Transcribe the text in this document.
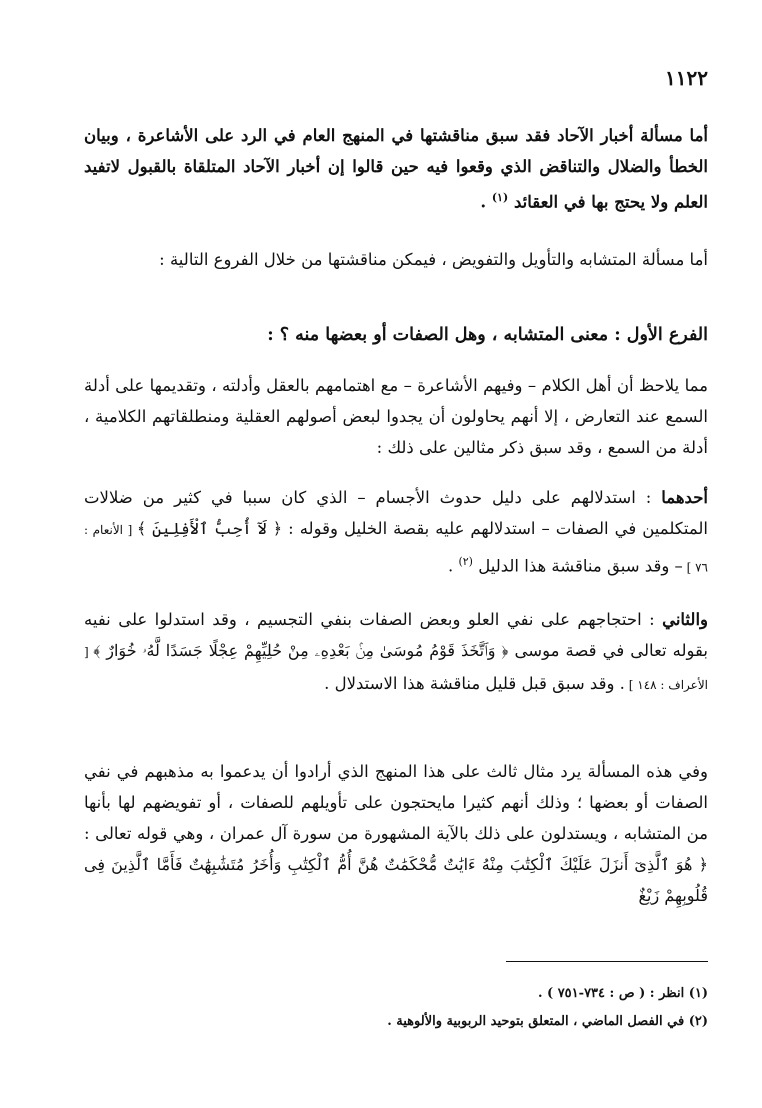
١١٢٢

أما مسألة أخبار الآحاد فقد سبق مناقشتها في المنهج العام في الرد على الأشاعرة ، وبيان الخطأ والضلال والتناقض الذي وقعوا فيه حين قالوا إن أخبار الآحاد المتلقاة بالقبول لاتفيد العلم ولا يحتج بها في العقائد $^{(١)}$ .

أما مسألة المتشابه والتأويل والتفويض ، فيمكن مناقشتها من خلال الفروع التالية :

الفرع الأول : معنى المتشابه ، وهل الصفات أو بعضها منه ؟ :

مما يلاحظ أن أهل الكلام – وفيهم الأشاعرة – مع اهتمامهم بالعقل وأدلته ، وتقديمها على أدلة السمع عند التعارض ، إلا أنهم يحاولون أن يجدوا لبعض أصولهم العقلية ومنطلقاتهم الكلامية ، أدلة من السمع ، وقد سبق ذكر مثالين على ذلك :

أحدهما : استدلالهم على دليل حدوث الأجسام – الذي كان سببا في كثير من ضلالات المتكلمين في الصفات – استدلالهم عليه بقصة الخليل وقوله : ﴿ لَآ أُحِبُّ ٱلْأَفِلِينَ ﴾ [ الأنعام : ٧٦ ] – وقد سبق مناقشة هذا الدليل $^{(٢)}$ .

والثاني : احتجاجهم على نفي العلو وبعض الصفات بنفي التجسيم ، وقد استدلوا على نفيه بقوله تعالى في قصة موسى ﴿ وَٱتَّخَذَ قَوْمُ مُوسَىٰ مِنۢ بَعْدِهِۦ مِنْ حُلِيِّهِمْ عِجْلًا جَسَدًا لَّهُۥ خُوَارٌ ﴾ [ الأعراف : ١٤٨ ] . وقد سبق قبل قليل مناقشة هذا الاستدلال .

وفي هذه المسألة يرد مثال ثالث على هذا المنهج الذي أرادوا أن يدعموا به مذهبهم في نفي الصفات أو بعضها ؛ وذلك أنهم كثيرا مايحتجون على تأويلهم للصفات ، أو تفويضهم لها بأنها من المتشابه ، ويستدلون على ذلك بالآية المشهورة من سورة آل عمران ، وهي قوله تعالى : ﴿ هُوَ ٱلَّذِىٓ أَنزَلَ عَلَيْكَ ٱلْكِتَٰبَ مِنْهُ ءَايَٰتٌ مُّحْكَمَٰتٌ هُنَّ أُمُّ ٱلْكِتَٰبِ وَأُخَرُ مُتَشَٰبِهَٰتٌ فَأَمَّا ٱلَّذِينَ فِى قُلُوبِهِمْ زَيْغٌ

(١) انظر : ( ص : ٧٣٤-٧٥١ ) .
(٢) في الفصل الماضي ، المتعلق بتوحيد الربوبية والألوهية .
